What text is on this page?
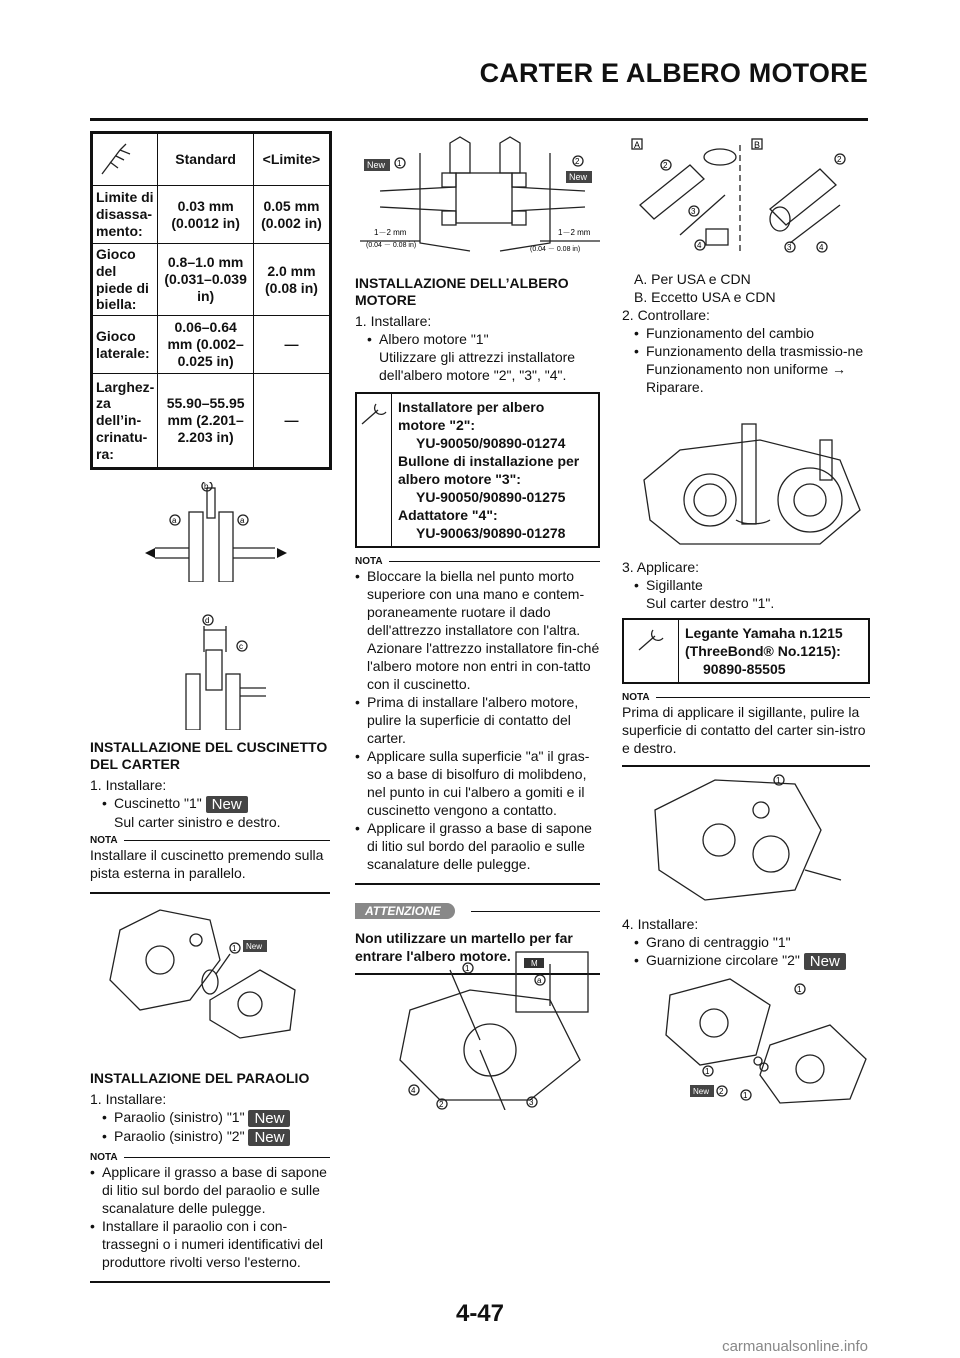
CARTER E ALBERO MOTORE
	Standard	<Limite>
Limite di disassa-mento:	0.03 mm (0.0012 in)	0.05 mm (0.002 in)
Gioco del piede di biella:	0.8–1.0 mm (0.031–0.039 in)	2.0 mm (0.08 in)
Gioco laterale:	0.06–0.64 mm (0.002–0.025 in)	—
Larghez-za dell’in-crinatu-ra:	55.90–55.95 mm (2.201–2.203 in)	—
b
a	a
d
c
INSTALLAZIONE DEL CUSCINETTO DEL CARTER
1. Installare:
• Cuscinetto "1" New
Sul carter sinistro e destro.
NOTA
Installare il cuscinetto premendo sulla pista esterna in parallelo.
1 New
INSTALLAZIONE DEL PARAOLIO
1. Installare:
• Paraolio (sinistro) "1" New
• Paraolio (sinistro) "2" New
NOTA
• Applicare il grasso a base di sapone di litio sul bordo del paraolio e sulle scanalature delle pulegge.
• Installare il paraolio con i con-trassegni o i numeri identificativi del produttore rivolti verso l'esterno.
New 1	2
New
1－2 mm
(0.04 － 0.08 in)
1－2 mm
(0.04 － 0.08 in)
INSTALLAZIONE DELL’ALBERO MOTORE
1. Installare:
• Albero motore "1"
Utilizzare gli attrezzi installatore dell'albero motore "2", "3", "4".
Installatore per albero motore "2":
YU-90050/90890-01274
Bullone di installazione per albero motore "3":
YU-90050/90890-01275
Adattatore "4":
YU-90063/90890-01278
NOTA
• Bloccare la biella nel punto morto superiore con una mano e contem-poraneamente ruotare il dado dell'attrezzo installatore con l'altra. Azionare l'attrezzo installatore fin-ché l'albero motore non entri in con-tatto con il cuscinetto.
• Prima di installare l'albero motore, pulire la superficie di contatto del carter.
• Applicare sulla superficie "a" il gras-so a base di bisolfuro di molibdeno, nel punto in cui l'albero a gomiti e il cuscinetto vengono a contatto.
• Applicare il grasso a base di sapone di litio sul bordo del paraolio e sulle scanalature delle pulegge.
ATTENZIONE
Non utilizzare un martello per far entrare l'albero motore.	M
a
1
4
2	3
A	B
2
3
4
2
3	4
A. Per USA e CDN
B. Eccetto USA e CDN
2. Controllare:
• Funzionamento del cambio
• Funzionamento della trasmissio-ne
Funzionamento non uniforme →
Riparare.
3. Applicare:
• Sigillante
Sul carter destro "1".
Legante Yamaha n.1215
(ThreeBond® No.1215):
90890-85505
NOTA
Prima di applicare il sigillante, pulire la superficie di contatto del carter sin-istro e destro.
1
4. Installare:
• Grano di centraggio "1"
• Guarnizione circolare "2" New
1
1
New 2 1
4-47
carmanualsonline.info
